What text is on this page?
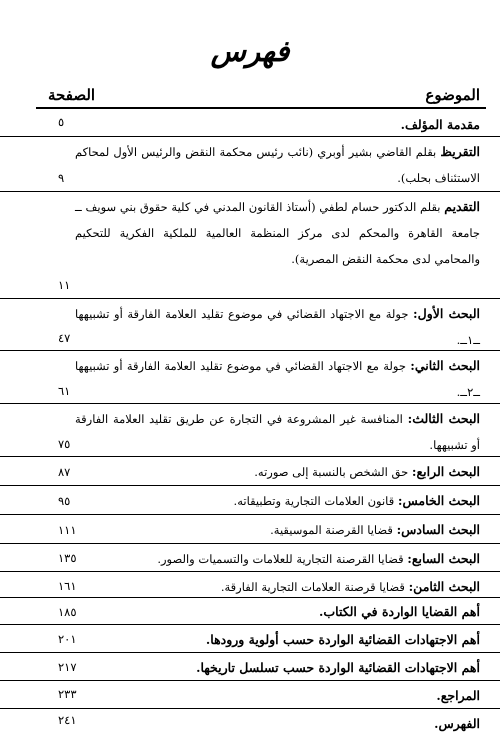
فهرس
الموضوع
الصفحة
مقدمة المؤلف.
٥
التقريظ بقلم القاضي بشير أوبري (نائب رئيس محكمة النقض والرئيس الأول لمحاكم الاستئناف بحلب).
٩
التقديم بقلم الدكتور حسام لطفي (أستاذ القانون المدني في كلية حقوق بني سويف ــ جامعة القاهرة والمحكم لدى مركز المنظمة العالمية للملكية الفكرية للتحكيم والمحامي لدى محكمة النقض المصرية).
١١
البحث الأول: جولة مع الاجتهاد القضائي في موضوع تقليد العلامة الفارقة أو تشبيهها ــ١ــ.
٤٧
البحث الثاني: جولة مع الاجتهاد القضائي في موضوع تقليد العلامة الفارقة أو تشبيهها ــ٢ــ.
٦١
البحث الثالث: المنافسة غير المشروعة في التجارة عن طريق تقليد العلامة الفارقة أو تشبيهها.
٧٥
البحث الرابع: حق الشخص بالنسبة إلى صورته.
٨٧
البحث الخامس: قانون العلامات التجارية وتطبيقاته.
٩٥
البحث السادس: قضايا القرصنة الموسيقية.
١١١
البحث السابع: قضايا القرصنة التجارية للعلامات والتسميات والصور.
١٣٥
البحث الثامن: قضايا قرصنة العلامات التجارية الفارقة.
١٦١
أهم القضايا الواردة في الكتاب.
١٨٥
أهم الاجتهادات القضائية الواردة حسب أولوية ورودها.
٢٠١
أهم الاجتهادات القضائية الواردة حسب تسلسل تاريخها.
٢١٧
المراجع.
٢٣٣
الفهرس.
٢٤١
